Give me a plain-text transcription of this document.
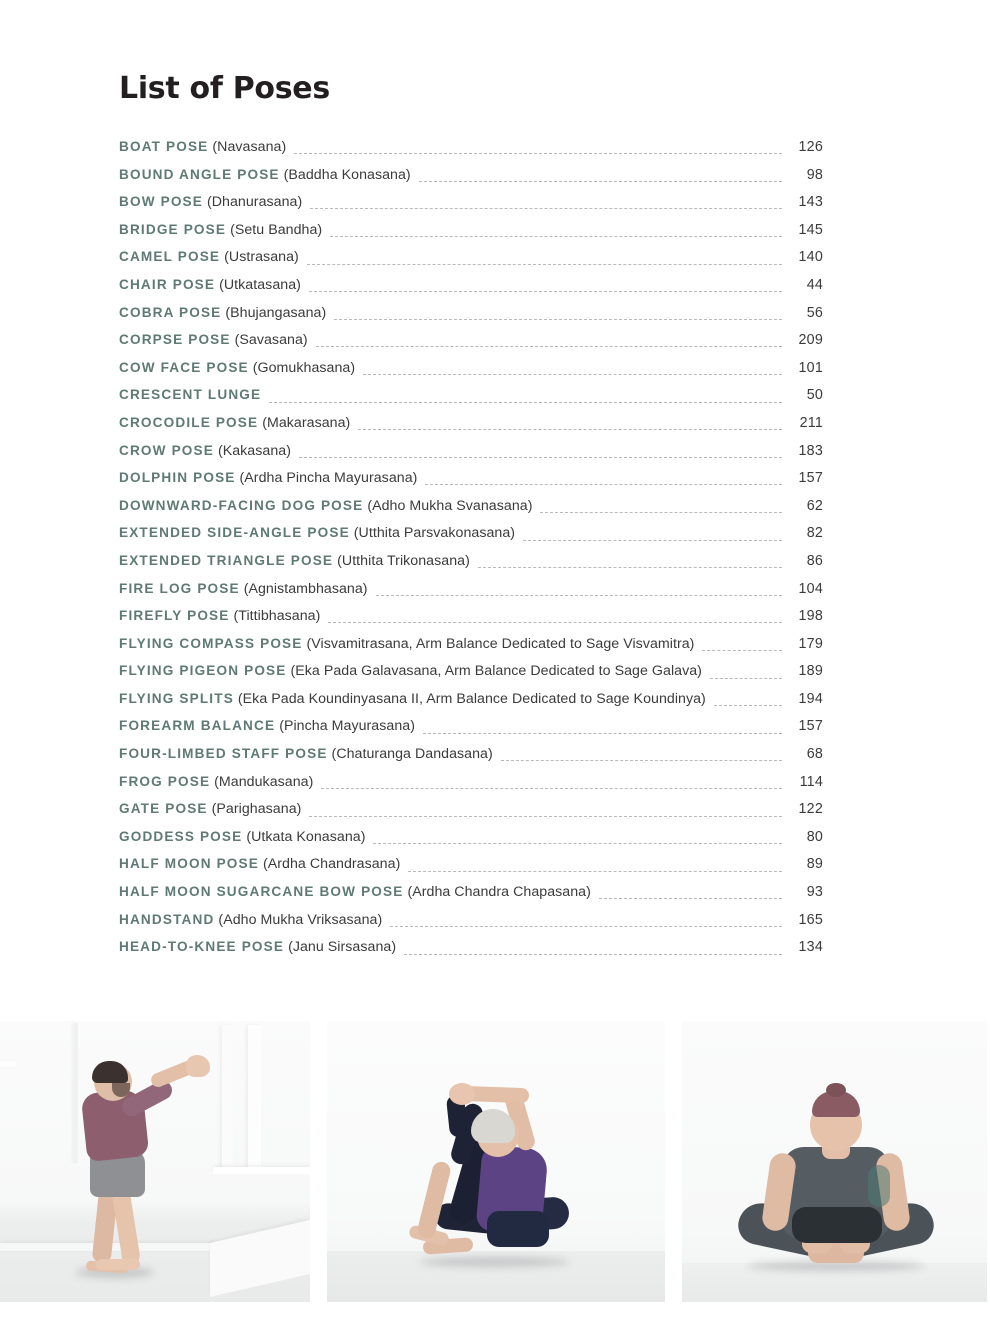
List of Poses
BOAT POSE (Navasana)	126
BOUND ANGLE POSE (Baddha Konasana)	98
BOW POSE (Dhanurasana)	143
BRIDGE POSE (Setu Bandha)	145
CAMEL POSE (Ustrasana)	140
CHAIR POSE (Utkatasana)	44
COBRA POSE (Bhujangasana)	56
CORPSE POSE (Savasana)	209
COW FACE POSE (Gomukhasana)	101
CRESCENT LUNGE	50
CROCODILE POSE (Makarasana)	211
CROW POSE (Kakasana)	183
DOLPHIN POSE (Ardha Pincha Mayurasana)	157
DOWNWARD-FACING DOG POSE (Adho Mukha Svanasana)	62
EXTENDED SIDE-ANGLE POSE (Utthita Parsvakonasana)	82
EXTENDED TRIANGLE POSE (Utthita Trikonasana)	86
FIRE LOG POSE (Agnistambhasana)	104
FIREFLY POSE (Tittibhasana)	198
FLYING COMPASS POSE (Visvamitrasana, Arm Balance Dedicated to Sage Visvamitra)	179
FLYING PIGEON POSE (Eka Pada Galavasana, Arm Balance Dedicated to Sage Galava)	189
FLYING SPLITS (Eka Pada Koundinyasana II, Arm Balance Dedicated to Sage Koundinya)	194
FOREARM BALANCE (Pincha Mayurasana)	157
FOUR-LIMBED STAFF POSE (Chaturanga Dandasana)	68
FROG POSE (Mandukasana)	114
GATE POSE (Parighasana)	122
GODDESS POSE (Utkata Konasana)	80
HALF MOON POSE (Ardha Chandrasana)	89
HALF MOON SUGARCANE BOW POSE (Ardha Chandra Chapasana)	93
HANDSTAND (Adho Mukha Vriksasana)	165
HEAD-TO-KNEE POSE (Janu Sirsasana)	134
